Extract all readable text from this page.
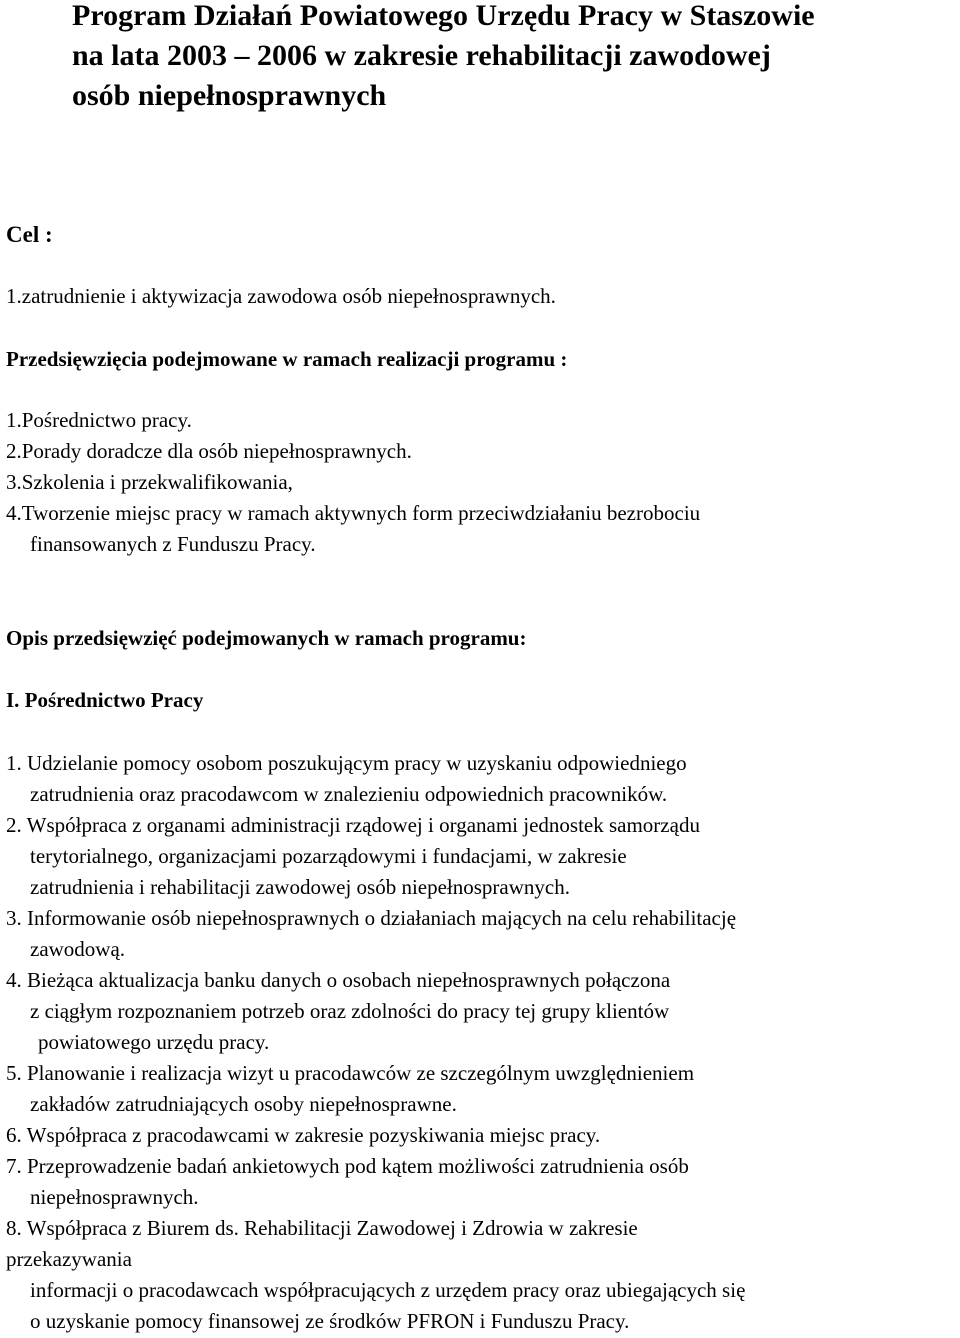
Program Działań Powiatowego Urzędu Pracy w Staszowie
na lata 2003 – 2006 w zakresie rehabilitacji zawodowej
osób niepełnosprawnych

Cel :

1.zatrudnienie i aktywizacja zawodowa osób niepełnosprawnych.

Przedsięwzięcia podejmowane w ramach realizacji programu :

1.Pośrednictwo pracy.

2.Porady doradcze dla osób niepełnosprawnych.

3.Szkolenia i przekwalifikowania,

4.Tworzenie miejsc pracy w ramach aktywnych form przeciwdziałaniu bezrobociu

finansowanych z Funduszu Pracy.

Opis przedsięwzięć podejmowanych w ramach programu:

I. Pośrednictwo Pracy

1. Udzielanie pomocy osobom poszukującym pracy w uzyskaniu odpowiedniego

zatrudnienia oraz pracodawcom w znalezieniu odpowiednich pracowników.

2. Współpraca z organami administracji rządowej i organami jednostek samorządu

terytorialnego, organizacjami pozarządowymi i fundacjami, w zakresie

zatrudnienia i rehabilitacji zawodowej osób niepełnosprawnych.

3. Informowanie osób niepełnosprawnych o działaniach mających na celu rehabilitację

zawodową.

4. Bieżąca aktualizacja banku danych o osobach niepełnosprawnych połączona

z ciągłym rozpoznaniem potrzeb oraz zdolności do pracy tej grupy klientów

powiatowego urzędu pracy.

5. Planowanie i realizacja wizyt u pracodawców ze szczególnym uwzględnieniem

zakładów zatrudniających osoby niepełnosprawne.

6. Współpraca z pracodawcami w zakresie pozyskiwania miejsc pracy.

7. Przeprowadzenie badań ankietowych pod kątem możliwości zatrudnienia osób

niepełnosprawnych.

8. Współpraca z Biurem ds. Rehabilitacji Zawodowej i Zdrowia w zakresie

przekazywania

informacji o pracodawcach współpracujących z urzędem pracy oraz ubiegających się

o uzyskanie pomocy finansowej ze środków PFRON i Funduszu Pracy.
